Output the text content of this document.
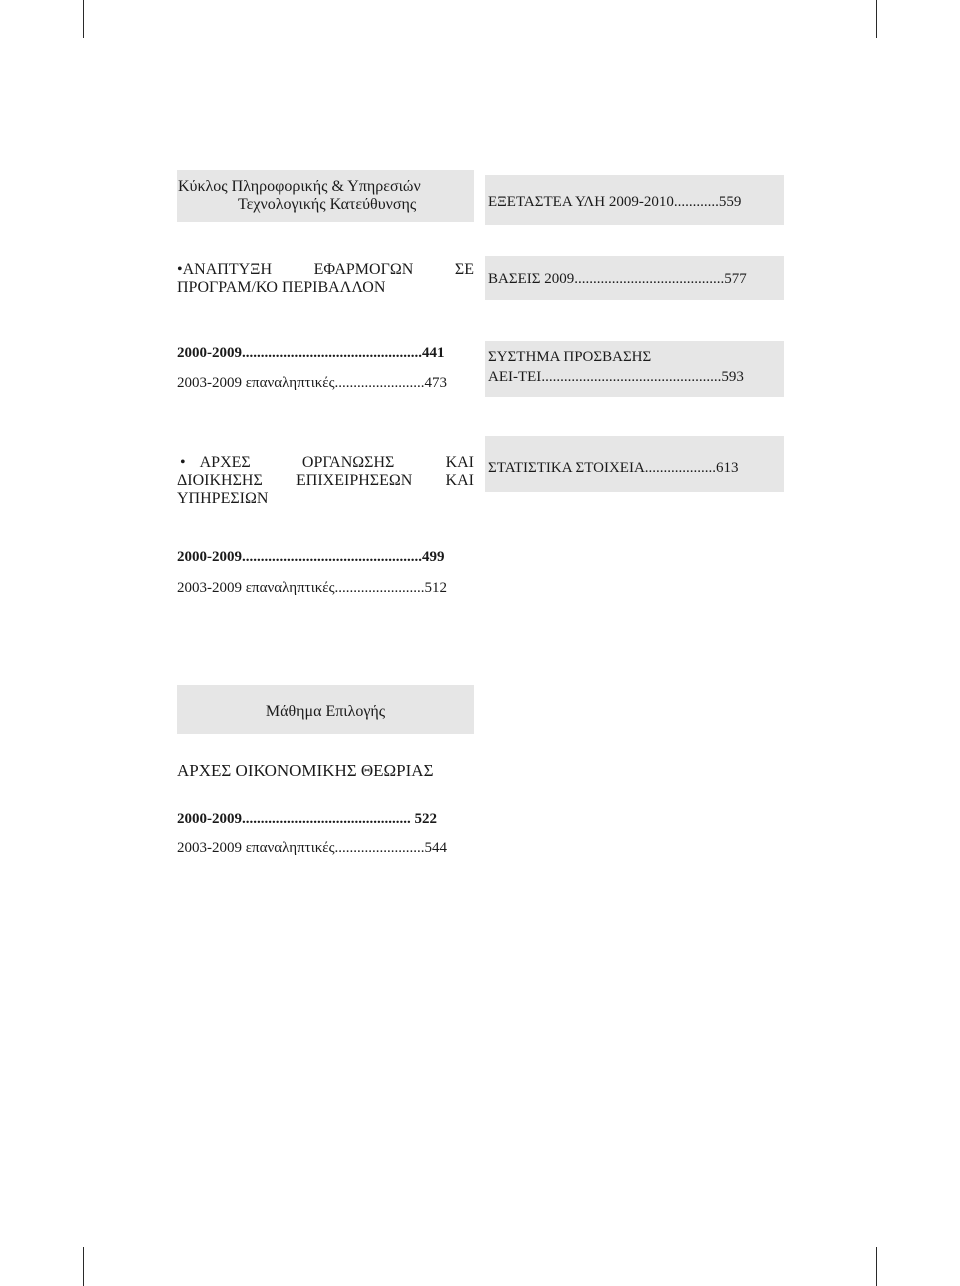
Κύκλος Πληροφορικής & Υπηρεσιών
Τεχνολογικής Κατεύθυνσης
•ΑΝΑΠΤΥΞΗ ΕΦΑΡΜΟΓΩΝ ΣΕ
ΠΡΟΓΡΑΜ/ΚΟ ΠΕΡΙΒΑΛΛΟΝ
2000-2009................................................441
2003-2009 επαναληπτικές........................473
• ΑΡΧΕΣ ΟΡΓΑΝΩΣΗΣ ΚΑΙ
ΔΙΟΙΚΗΣΗΣ ΕΠΙΧΕΙΡΗΣΕΩΝ ΚΑΙ
ΥΠΗΡΕΣΙΩΝ
2000-2009................................................499
2003-2009 επαναληπτικές........................512
Μάθημα Επιλογής
ΑΡΧΕΣ ΟΙΚΟΝΟΜΙΚΗΣ ΘΕΩΡΙΑΣ
2000-2009............................................. 522
2003-2009 επαναληπτικές........................544
ΕΞΕΤΑΣΤΕΑ ΥΛΗ 2009-2010............559
ΒΑΣΕΙΣ 2009........................................577
ΣΥΣΤΗΜΑ ΠΡΟΣΒΑΣΗΣ
ΑΕΙ-ΤΕΙ................................................593
ΣΤΑΤΙΣΤΙΚΑ ΣΤΟΙΧΕΙΑ...................613
